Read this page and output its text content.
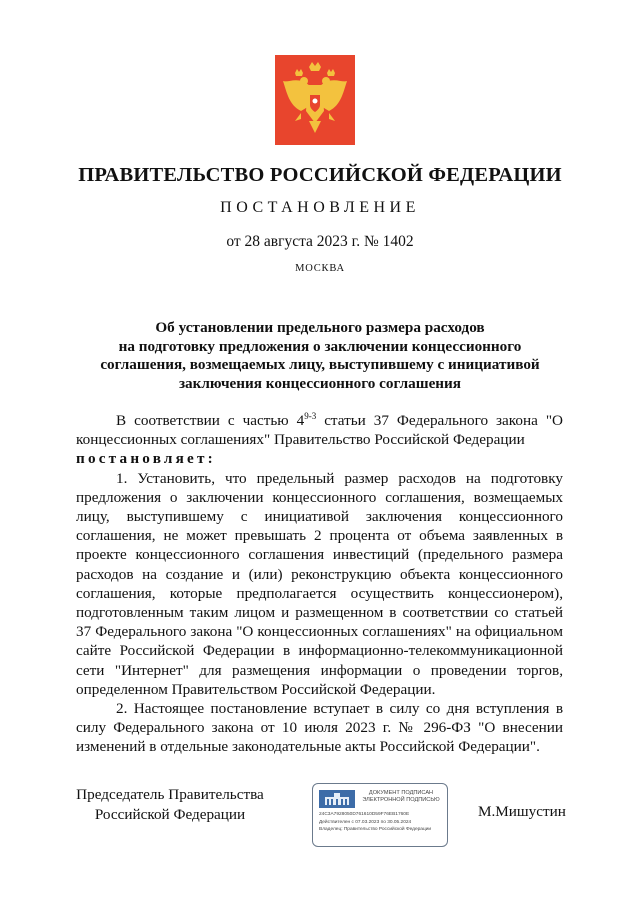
ПРАВИТЕЛЬСТВО РОССИЙСКОЙ ФЕДЕРАЦИИ
ПОСТАНОВЛЕНИЕ
от 28 августа 2023 г. № 1402
МОСКВА
Об установлении предельного размера расходов
на подготовку предложения о заключении концессионного
соглашения, возмещаемых лицу, выступившему с инициативой
заключения концессионного соглашения

В соответствии с частью 4$^{9-3}$ статьи 37 Федерального закона "О концессионных соглашениях" Правительство Российской Федерации

постановляет:

1. Установить, что предельный размер расходов на подготовку предложения о заключении концессионного соглашения, возмещаемых лицу, выступившему с инициативой заключения концессионного соглашения, не может превышать 2 процента от объема заявленных в проекте концессионного соглашения инвестиций (предельного размера расходов на создание и (или) реконструкцию объекта концессионного соглашения, которые предполагается осуществить концессионером), подготовленным таким лицом и размещенном в соответствии со статьей 37 Федерального закона "О концессионных соглашениях" на официальном сайте Российской Федерации в информационно-телекоммуникационной сети "Интернет" для размещения информации о проведении торгов, определенном Правительством Российской Федерации.

2. Настоящее постановление вступает в силу со дня вступления в силу Федерального закона от 10 июля 2023 г. № 296-ФЗ "О внесении изменений в отдельные законодательные акты Российской Федерации".

Председатель Правительства
Российской Федерации
ДОКУМЕНТ ПОДПИСАН
ЭЛЕКТРОННОЙ ПОДПИСЬЮ
24C3A7928050D761610D59F76EB1760E
Действителен с 07.03.2023 по 30.05.2024
Владелец: Правительство Российской Федерации
М.Мишустин
